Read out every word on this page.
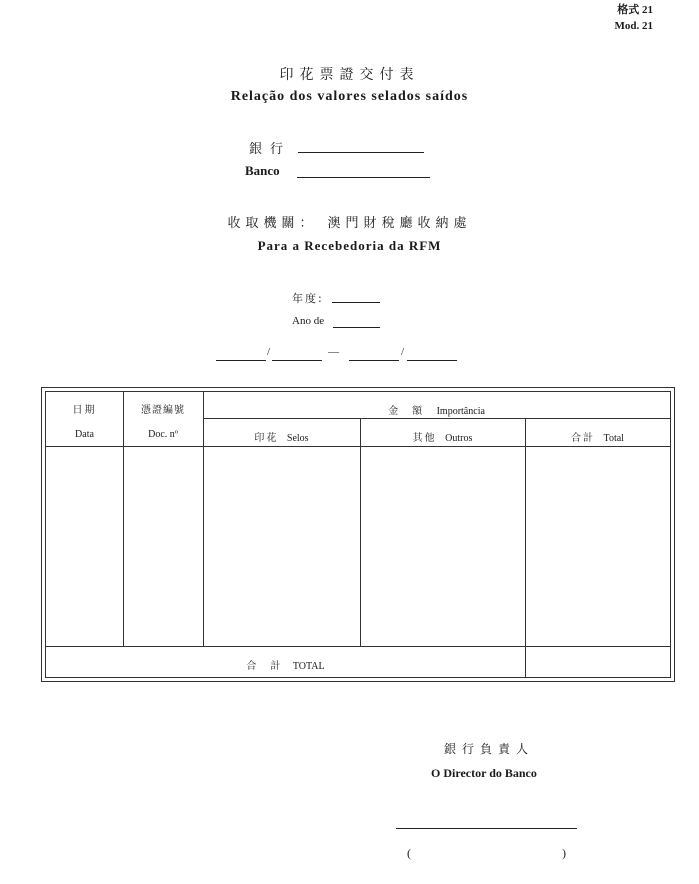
格式 21
Mod. 21
印花票證交付表
Relação dos valores selados saídos
銀行
Banco
收取機關： 澳門財稅廳收納處
Para a Recebedoria da RFM
年度:
Ano de
/	—	/
日期
Data
憑證編號
Doc. nº
金　額 Importância
印花 Selos	其他 Outros	合計 Total
合　計 TOTAL
銀行負責人
O Director do Banco
(	)
